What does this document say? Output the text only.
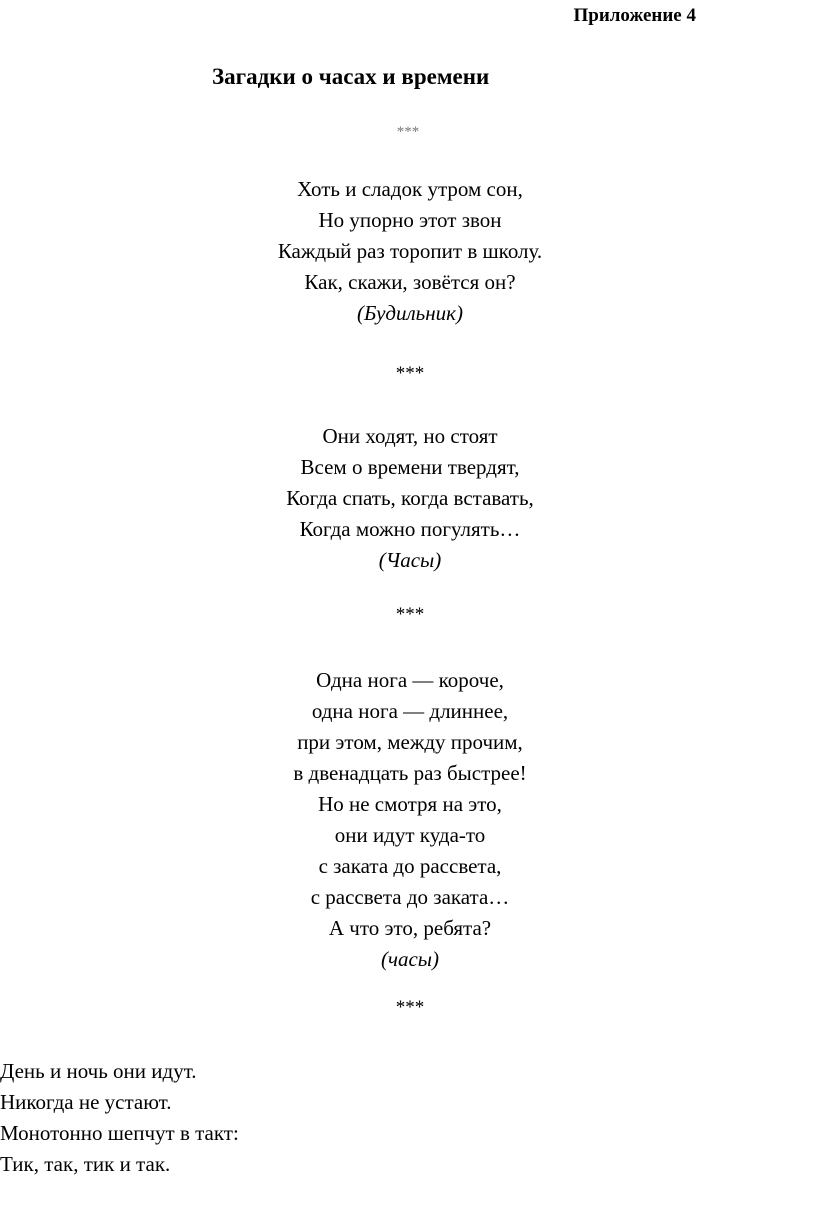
Приложение 4

Загадки о часах и времени

***

Хоть и сладок утром сон,
Но упорно этот звон
Каждый раз торопит в школу.
Как, скажи, зовётся он?
(Будильник)

***

Они ходят, но стоят
Всем о времени твердят,
Когда спать, когда вставать,
Когда можно погулять…
(Часы)

***

Одна нога — короче,
одна нога — длиннее,
при этом, между прочим,
в двенадцать раз быстрее!
Но не смотря на это,
они идут куда-то
с заката до рассвета,
с рассвета до заката…
А что это, ребята?
(часы)

***

День и ночь они идут.
Никогда не устают.
Монотонно шепчут в такт:
Тик, так, тик и так.
